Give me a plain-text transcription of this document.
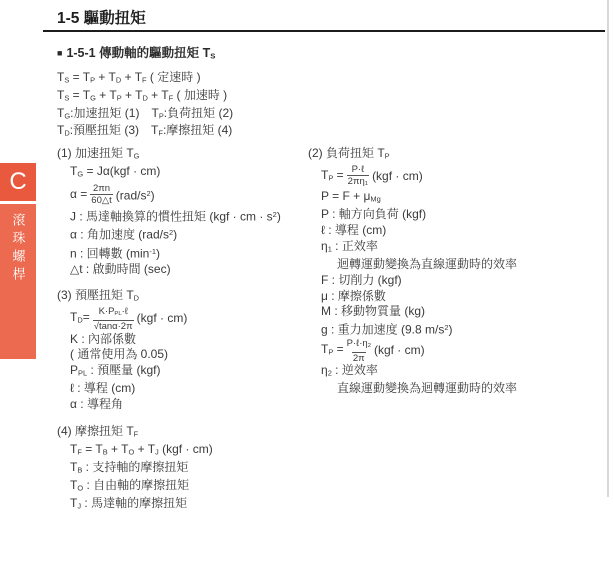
C
滾珠螺桿
1-5 驅動扭矩
■ 1-5-1 傳動軸的驅動扭矩 $T_S$
$T_S = T_P + T_D + T_F$ ( 定速時 )
$T_S = T_G + T_P + T_D + T_F$ ( 加速時 )
$T_G$:加速扭矩 (1)　$T_P$:負荷扭矩 (2)
$T_D$:預壓扭矩 (3)　$T_F$:摩擦扭矩 (4)
(1) 加速扭矩 $T_G$
$T_G = J\alpha(kgf \cdot cm)$
$\alpha = \frac{2\pi n}{60\triangle t} (rad/s^2)$
J : 馬達軸換算的慣性扭矩 (kgf · cm · $s^2$)
α : 角加速度 $(rad/s^2)$
n : 回轉數 $(\min^{-1})$
△t : 啟動時間 (sec)
(3) 預壓扭矩 $T_D$
$T_D= \frac{K\cdot P_{PL}\cdot\ell}{√\tan\alpha\cdot 2\pi} (kgf \cdot cm)$
K : 內部係數
( 通常使用為 0.05)
$P_{PL}$ : 預壓量 (kgf)
ℓ : 導程 (cm)
α : 導程角
(4) 摩擦扭矩 $T_F$
$T_F = T_B + T_O + T_J$ (kgf · cm)
$T_B$ : 支持軸的摩擦扭矩
$T_O$ : 自由軸的摩擦扭矩
$T_J$ : 馬達軸的摩擦扭矩
(2) 負荷扭矩 $T_P$
$T_P = \frac{\text{P·ℓ}}{2\pi\eta_1} (kgf \cdot cm)$
$P = F + \mu_{Mg}$
P : 軸方向負荷 (kgf)
ℓ : 導程 (cm)
$\eta_1$ : 正效率
迴轉運動變換為直線運動時的效率
F : 切削力 (kgf)
μ : 摩擦係數
M : 移動物質量 (kg)
g : 重力加速度 (9.8 $m/s^2$)
$T_P = \frac{P\cdot\ell\cdot\eta_2}{2\pi} (kgf \cdot cm)$
$\eta_2$ : 逆效率
直線運動變換為迴轉運動時的效率
